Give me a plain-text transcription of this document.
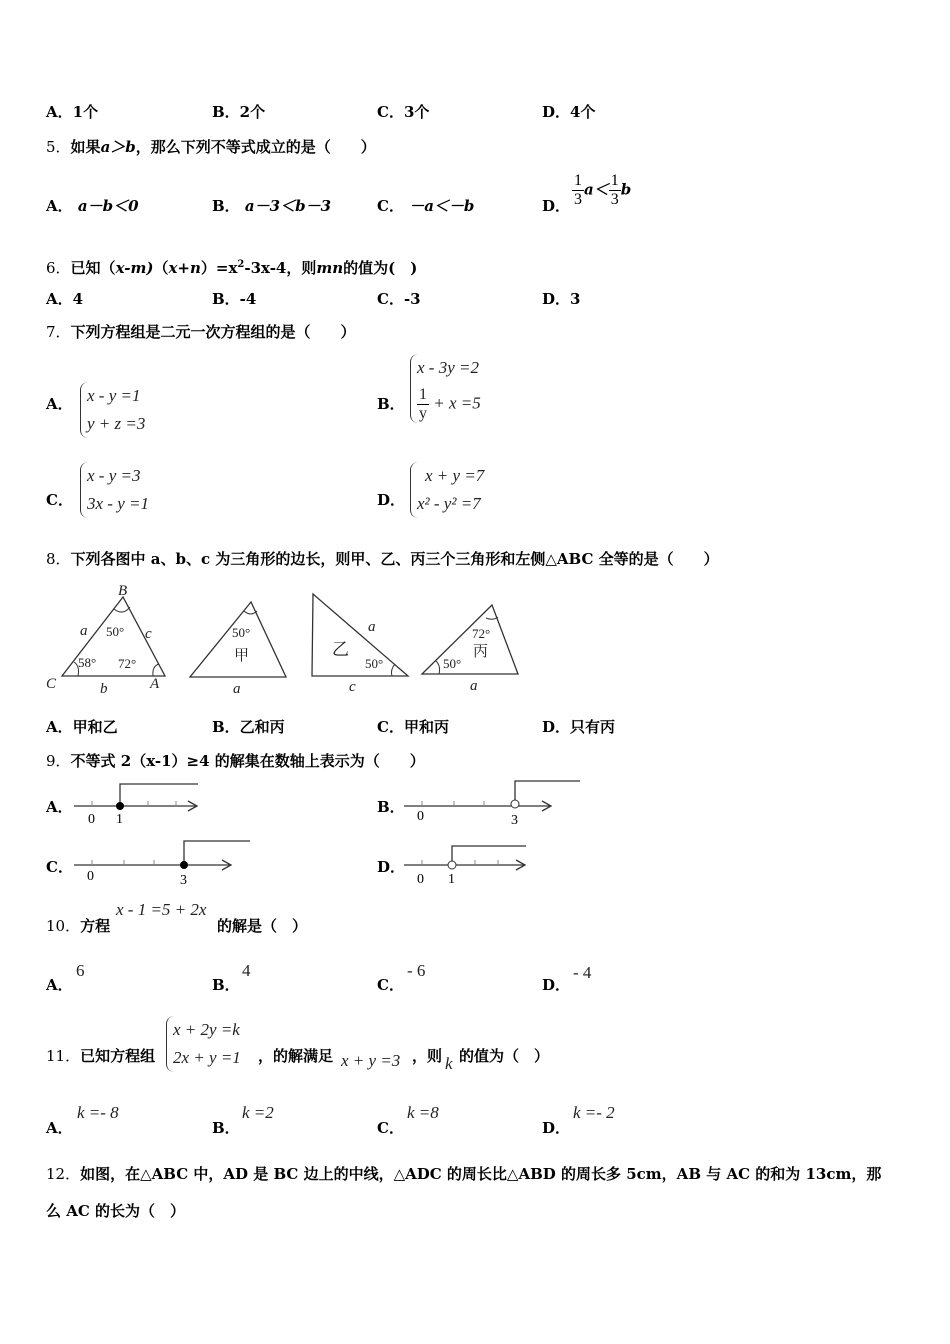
A．1个	B．2个	C．3个	D．4个
5．如果a＞b，那么下列不等式成立的是（　　）
A． a－b＜0	B． a－3＜b－3	C． －a＜－b	D． $\frac{1}{3} a< \frac{1}{3}$ b
6．已知$(x-m)(x+n)=x^2-3x-4$，则mn的值为(　)
A．4	B．-4	C．-3	D．3
7．下列方程组是二元一次方程组的是（　　）
A． x - y =1
y + z =3
B．
x - 3y =2
$\frac{1}{y} + x =5$
C．
x - y =3
3x - y =1	D．
x + y =7
x² - y² =7
8．下列各图中 a、b、c 为三角形的边长，则甲、乙、丙三个三角形和左侧△ABC 全等的是（　　）
B
C	A
a
b
c
50°
58° 72°
50°
甲
a
乙
a
50°
c
72°
丙
50°
a
A．甲和乙	B．乙和丙	C．甲和丙	D．只有丙
9．不等式 2（x-1）≥4 的解集在数轴上表示为（　　）
A．
0 1
B．
0	3
C．
0	3
D．
0 1
10．方程
x - 1 =5 + 2x
的解是（　）
A．
6
B．
4
C．
- 6
D．
- 4
11．已知方程组
x + 2y =k
2x + y =1 ，的解满足 x + y =3 ，则 k 的值为（　）
A．
k =- 8
B．
k =2
C．
k =8
D．
k =- 2
12．如图，在△ABC 中，AD 是 BC 边上的中线，△ADC 的周长比△ABD 的周长多 5cm，AB 与 AC 的和为 13cm，那
么 AC 的长为（　）
